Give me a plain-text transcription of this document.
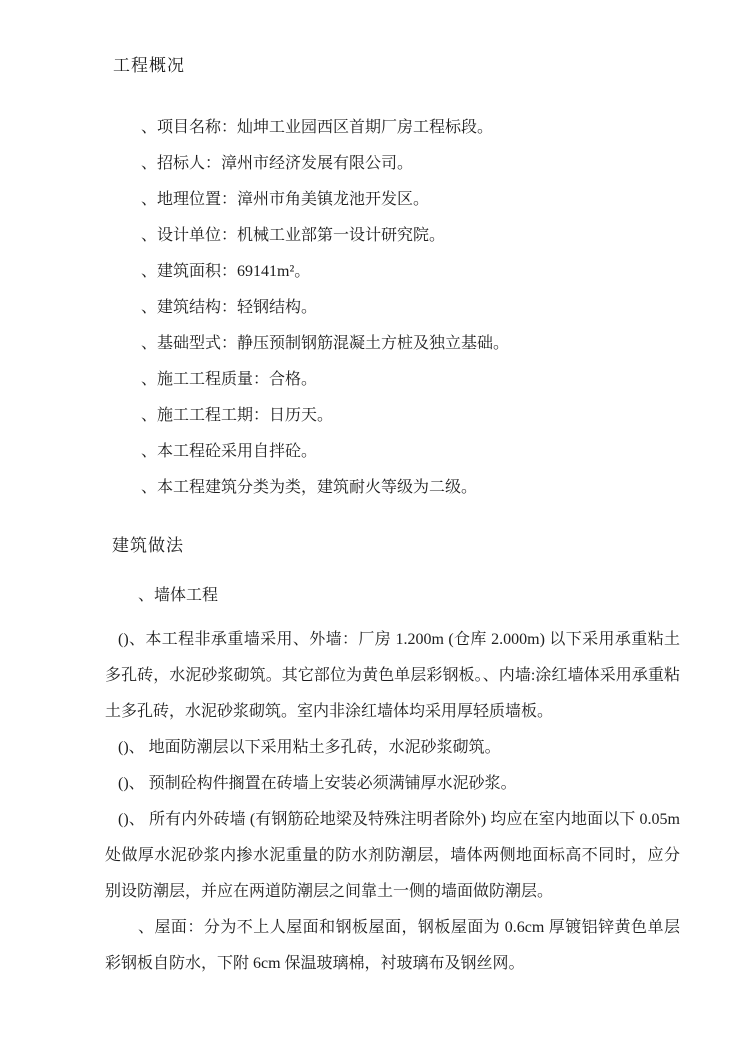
工程概况

、项目名称：灿坤工业园西区首期厂房工程标段。

、招标人：漳州市经济发展有限公司。

、地理位置：漳州市角美镇龙池开发区。

、设计单位：机械工业部第一设计研究院。

、建筑面积：69141m²。

、建筑结构：轻钢结构。

、基础型式：静压预制钢筋混凝土方桩及独立基础。

、施工工程质量：合格。

、施工工程工期：日历天。

、本工程砼采用自拌砼。

、本工程建筑分类为类，建筑耐火等级为二级。

建筑做法

、墙体工程

()、本工程非承重墙采用、外墙：厂房 1.200m (仓库 2.000m) 以下采用承重粘土多孔砖，水泥砂浆砌筑。其它部位为黄色单层彩钢板。、内墙:涂红墙体采用承重粘土多孔砖，水泥砂浆砌筑。室内非涂红墙体均采用厚轻质墙板。

()、 地面防潮层以下采用粘土多孔砖，水泥砂浆砌筑。

()、 预制砼构件搁置在砖墙上安装必须满铺厚水泥砂浆。

()、 所有内外砖墙 (有钢筋砼地梁及特殊注明者除外) 均应在室内地面以下 0.05m 处做厚水泥砂浆内掺水泥重量的防水剂防潮层，墙体两侧地面标高不同时，应分别设防潮层，并应在两道防潮层之间靠土一侧的墙面做防潮层。

、屋面：分为不上人屋面和钢板屋面，钢板屋面为 0.6cm 厚镀铝锌黄色单层彩钢板自防水，下附 6cm 保温玻璃棉，衬玻璃布及钢丝网。
